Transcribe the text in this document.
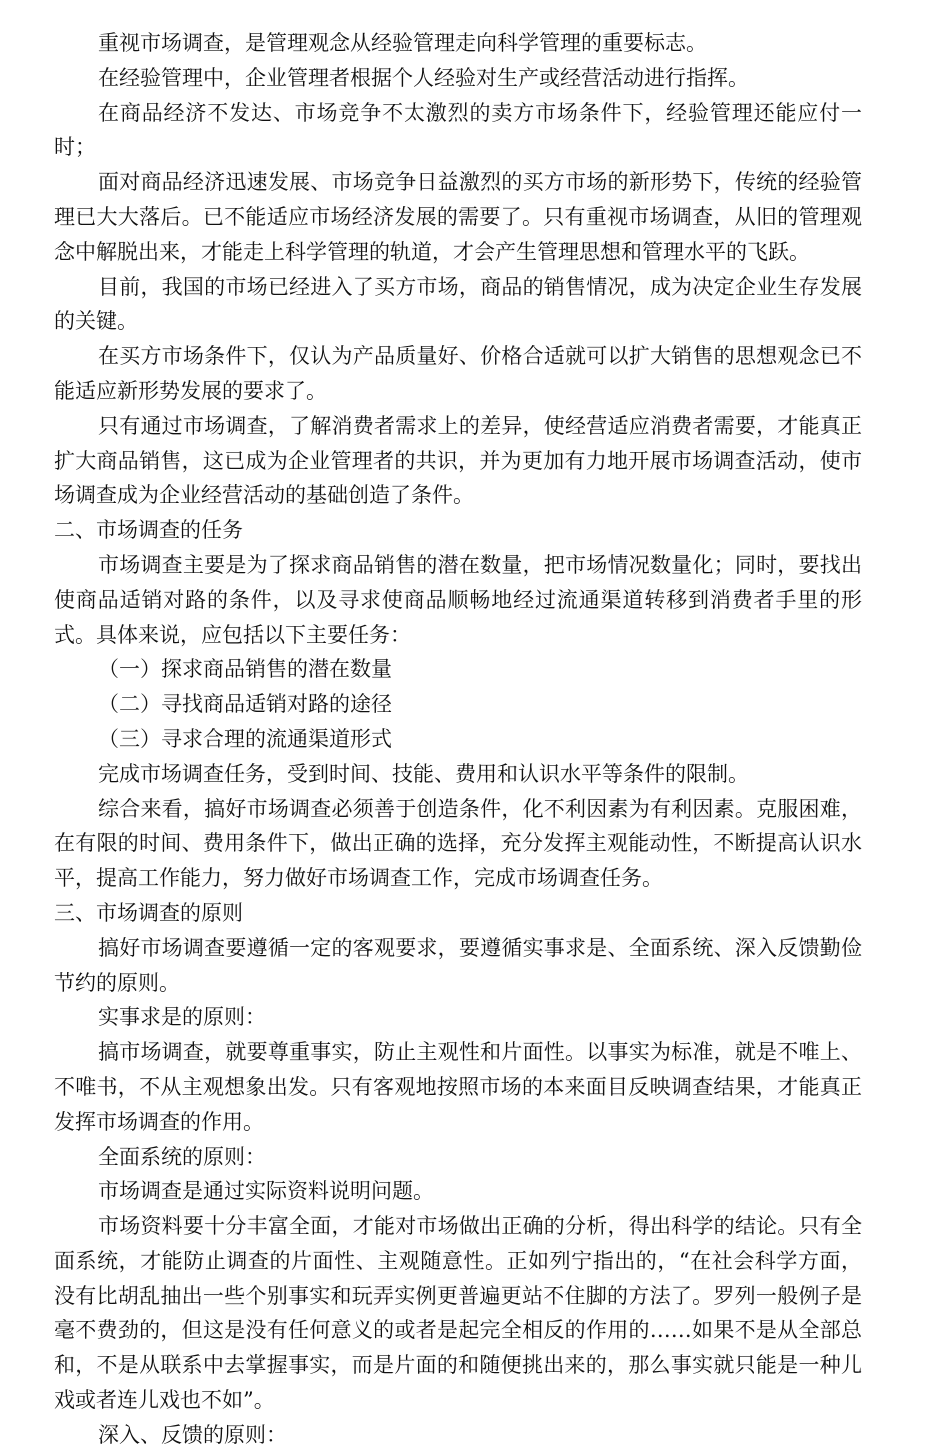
重视市场调查，是管理观念从经验管理走向科学管理的重要标志。

在经验管理中，企业管理者根据个人经验对生产或经营活动进行指挥。

在商品经济不发达、市场竞争不太激烈的卖方市场条件下，经验管理还能应付一时；

面对商品经济迅速发展、市场竞争日益激烈的买方市场的新形势下，传统的经验管理已大大落后。已不能适应市场经济发展的需要了。只有重视市场调查，从旧的管理观念中解脱出来，才能走上科学管理的轨道，才会产生管理思想和管理水平的飞跃。

目前，我国的市场已经进入了买方市场，商品的销售情况，成为决定企业生存发展的关键。

在买方市场条件下，仅认为产品质量好、价格合适就可以扩大销售的思想观念已不能适应新形势发展的要求了。

只有通过市场调查，了解消费者需求上的差异，使经营适应消费者需要，才能真正扩大商品销售，这已成为企业管理者的共识，并为更加有力地开展市场调查活动，使市场调查成为企业经营活动的基础创造了条件。

二、市场调查的任务

市场调查主要是为了探求商品销售的潜在数量，把市场情况数量化；同时，要找出使商品适销对路的条件，以及寻求使商品顺畅地经过流通渠道转移到消费者手里的形式。具体来说，应包括以下主要任务：

（一）探求商品销售的潜在数量

（二）寻找商品适销对路的途径

（三）寻求合理的流通渠道形式

完成市场调查任务，受到时间、技能、费用和认识水平等条件的限制。

综合来看，搞好市场调查必须善于创造条件，化不利因素为有利因素。克服困难，在有限的时间、费用条件下，做出正确的选择，充分发挥主观能动性，不断提高认识水平，提高工作能力，努力做好市场调查工作，完成市场调查任务。

三、市场调查的原则

搞好市场调查要遵循一定的客观要求，要遵循实事求是、全面系统、深入反馈勤俭节约的原则。

实事求是的原则：

搞市场调查，就要尊重事实，防止主观性和片面性。以事实为标准，就是不唯上、不唯书，不从主观想象出发。只有客观地按照市场的本来面目反映调查结果，才能真正发挥市场调查的作用。

全面系统的原则：

市场调查是通过实际资料说明问题。

市场资料要十分丰富全面，才能对市场做出正确的分析，得出科学的结论。只有全面系统，才能防止调查的片面性、主观随意性。正如列宁指出的，“在社会科学方面，没有比胡乱抽出一些个别事实和玩弄实例更普遍更站不住脚的方法了。罗列一般例子是毫不费劲的，但这是没有任何意义的或者是起完全相反的作用的……如果不是从全部总和，不是从联系中去掌握事实，而是片面的和随便挑出来的，那么事实就只能是一种儿戏或者连儿戏也不如”。

深入、反馈的原则：
